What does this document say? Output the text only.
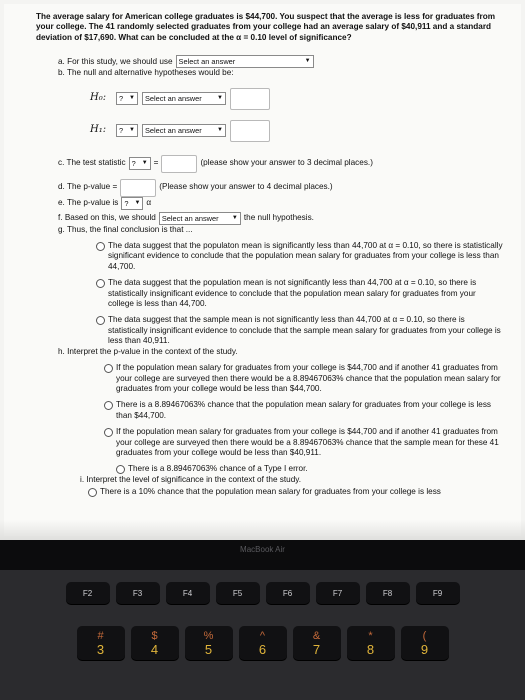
The average salary for American college graduates is $44,700. You suspect that the average is less for graduates from your college. The 41 randomly selected graduates from your college had an average salary of $40,911 and a standard deviation of $17,690. What can be concluded at the α = 0.10 level of significance?
a. For this study, we should use Select an answer	▼
b. The null and alternative hypotheses would be:
H₀:	? ▼ Select an answer	▼
H₁:	? ▼ Select an answer	▼
c. The test statistic ? ▼ =	(please show your answer to 3 decimal places.)
d. The p-value =	(Please show your answer to 4 decimal places.)
e. The p-value is ? ▼ α
f. Based on this, we should Select an answer	▼ the null hypothesis.
g. Thus, the final conclusion is that ...
The data suggest that the populaton mean is significantly less than 44,700 at α = 0.10, so there is statistically significant evidence to conclude that the population mean salary for graduates from your college is less than 44,700.
The data suggest that the population mean is not significantly less than 44,700 at α = 0.10, so there is statistically insignificant evidence to conclude that the population mean salary for graduates from your college is less than 44,700.
The data suggest that the sample mean is not significantly less than 44,700 at α = 0.10, so there is statistically insignificant evidence to conclude that the sample mean salary for graduates from your college is less than 40,911.
h. Interpret the p-value in the context of the study.
If the population mean salary for graduates from your college is $44,700 and if another 41 graduates from your college are surveyed then there would be a 8.89467063% chance that the population mean salary for graduates from your college would be less than $44,700.
There is a 8.89467063% chance that the population mean salary for graduates from your college is less than $44,700.
If the population mean salary for graduates from your college is $44,700 and if another 41 graduates from your college are surveyed then there would be a 8.89467063% chance that the sample mean for these 41 graduates from your college would be less than $40,911.
There is a 8.89467063% chance of a Type I error.
i. Interpret the level of significance in the context of the study.
There is a 10% chance that the population mean salary for graduates from your college is less
MacBook Air
F2	F3	F4	F5	F6	F7	F8	F9
#
3
$
4
%
5
^
6
&
7
*
8
(
9
